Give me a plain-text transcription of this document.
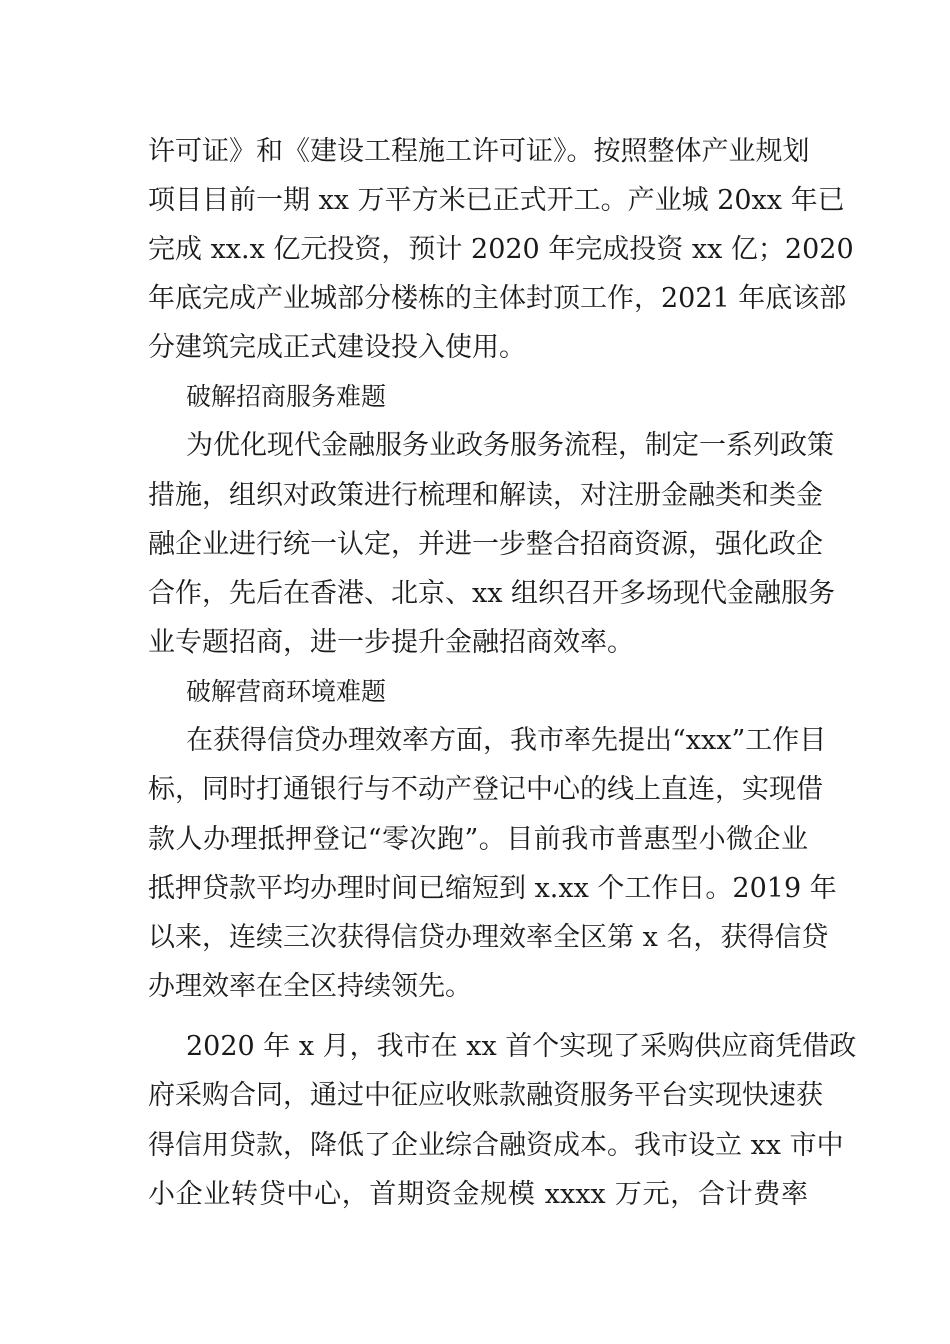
许可证》和《建设工程施工许可证》。按照整体产业规划
项目目前一期 xx 万平方米已正式开工。产业城 20xx 年已
完成 xx.x 亿元投资，预计 2020 年完成投资 xx 亿；2020
年底完成产业城部分楼栋的主体封顶工作，2021 年底该部
分建筑完成正式建设投入使用。
破解招商服务难题
为优化现代金融服务业政务服务流程，制定一系列政策
措施，组织对政策进行梳理和解读，对注册金融类和类金
融企业进行统一认定，并进一步整合招商资源，强化政企
合作，先后在香港、北京、xx 组织召开多场现代金融服务
业专题招商，进一步提升金融招商效率。
破解营商环境难题
在获得信贷办理效率方面，我市率先提出“xxx”工作目
标，同时打通银行与不动产登记中心的线上直连，实现借
款人办理抵押登记“零次跑”。目前我市普惠型小微企业
抵押贷款平均办理时间已缩短到 x.xx 个工作日。2019 年
以来，连续三次获得信贷办理效率全区第 x 名，获得信贷
办理效率在全区持续领先。
2020 年 x 月，我市在 xx 首个实现了采购供应商凭借政
府采购合同，通过中征应收账款融资服务平台实现快速获
得信用贷款，降低了企业综合融资成本。我市设立 xx 市中
小企业转贷中心，首期资金规模 xxxx 万元，合计费率
